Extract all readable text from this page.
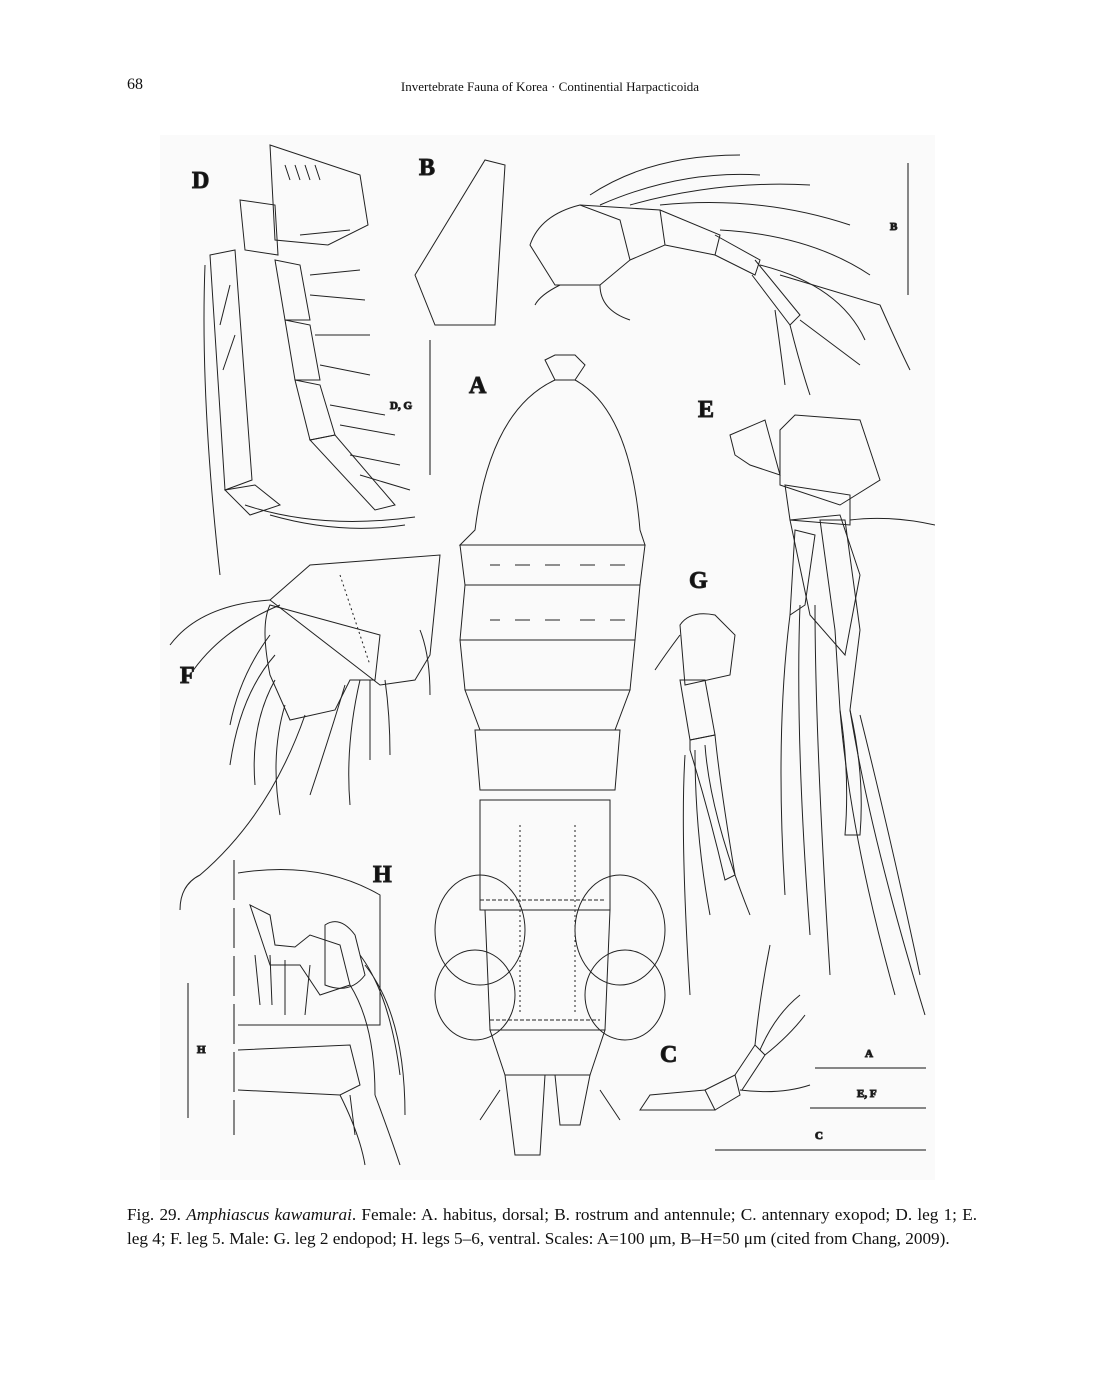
68	Invertebrate Fauna of Korea · Continential Harpacticoida
D	B
A
E
G
F
H
C
B
D, G
H	A
E, F
C
Fig. 29. Amphiascus kawamurai. Female: A. habitus, dorsal; B. rostrum and antennule; C. antennary exopod; D. leg 1; E. leg 4; F. leg 5. Male: G. leg 2 endopod; H. legs 5–6, ventral. Scales: A=100 μm, B–H=50 μm (cited from Chang, 2009).
